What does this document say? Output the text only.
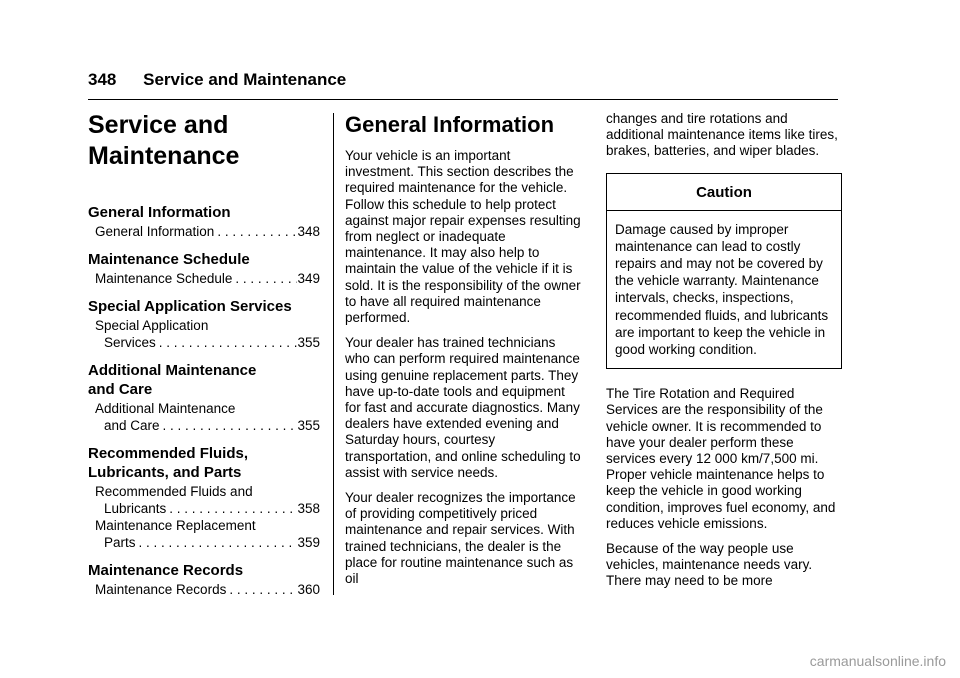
348 Service and Maintenance
Service and
Maintenance
General Information
General Information . . .	348
Maintenance Schedule
Maintenance Schedule . . .	349
Special Application Services
Special Application
Services . . .	355
Additional Maintenance
and Care
Additional Maintenance
and Care . . .	355
Recommended Fluids,
Lubricants, and Parts
Recommended Fluids and
Lubricants . . .	358
Maintenance Replacement
Parts . . .	359
Maintenance Records
Maintenance Records . . .	360
General Information

Your vehicle is an important investment. This section describes the required maintenance for the vehicle. Follow this schedule to help protect against major repair expenses resulting from neglect or inadequate maintenance. It may also help to maintain the value of the vehicle if it is sold. It is the responsibility of the owner to have all required maintenance performed.

Your dealer has trained technicians who can perform required maintenance using genuine replacement parts. They have up-to-date tools and equipment for fast and accurate diagnostics. Many dealers have extended evening and Saturday hours, courtesy transportation, and online scheduling to assist with service needs.

Your dealer recognizes the importance of providing competitively priced maintenance and repair services. With trained technicians, the dealer is the place for routine maintenance such as oil

changes and tire rotations and additional maintenance items like tires, brakes, batteries, and wiper blades.

Caution
Damage caused by improper maintenance can lead to costly repairs and may not be covered by the vehicle warranty. Maintenance intervals, checks, inspections, recommended fluids, and lubricants are important to keep the vehicle in good working condition.

The Tire Rotation and Required Services are the responsibility of the vehicle owner. It is recommended to have your dealer perform these services every 12 000 km/7,500 mi. Proper vehicle maintenance helps to keep the vehicle in good working condition, improves fuel economy, and reduces vehicle emissions.

Because of the way people use vehicles, maintenance needs vary. There may need to be more

carmanualsonline.info
